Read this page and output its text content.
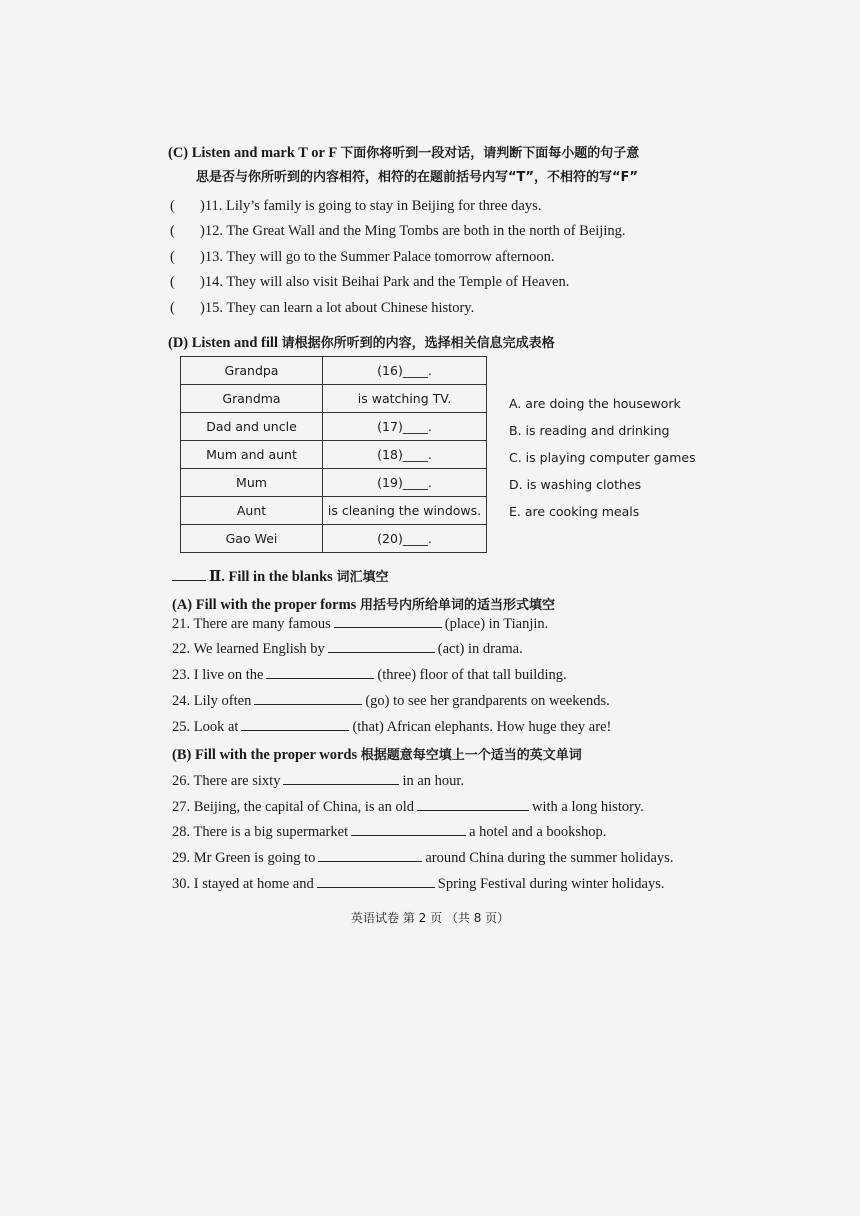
(C) Listen and mark T or F 下面你将听到一段对话，请判断下面每小题的句子意
思是否与你所听到的内容相符，相符的在题前括号内写“T”，不相符的写“F”
( )11. Lily’s family is going to stay in Beijing for three days.
( )12. The Great Wall and the Ming Tombs are both in the north of Beijing.
( )13. They will go to the Summer Palace tomorrow afternoon.
( )14. They will also visit Beihai Park and the Temple of Heaven.
( )15. They can learn a lot about Chinese history.
(D) Listen and fill 请根据你所听到的内容，选择相关信息完成表格
Grandpa	(16)____.
Grandma	is watching TV.
Dad and uncle	(17)____.
Mum and aunt	(18)____.
Mum	(19)____.
Aunt	is cleaning the windows.
Gao Wei	(20)____.
A. are doing the housework
B. is reading and drinking
C. is playing computer games
D. is washing clothes
E. are cooking meals
Ⅱ. Fill in the blanks 词汇填空
(A) Fill with the proper forms 用括号内所给单词的适当形式填空
21. There are many famous	(place) in Tianjin.
22. We learned English by	(act) in drama.
23. I live on the	(three) floor of that tall building.
24. Lily often	(go) to see her grandparents on weekends.
25. Look at	(that) African elephants. How huge they are!
(B) Fill with the proper words 根据题意每空填上一个适当的英文单词
26. There are sixty	in an hour.
27. Beijing, the capital of China, is an old	with a long history.
28. There is a big supermarket	a hotel and a bookshop.
29. Mr Green is going to	around China during the summer holidays.
30. I stayed at home and	Spring Festival during winter holidays.
英语试卷 第 2 页 （共 8 页）
